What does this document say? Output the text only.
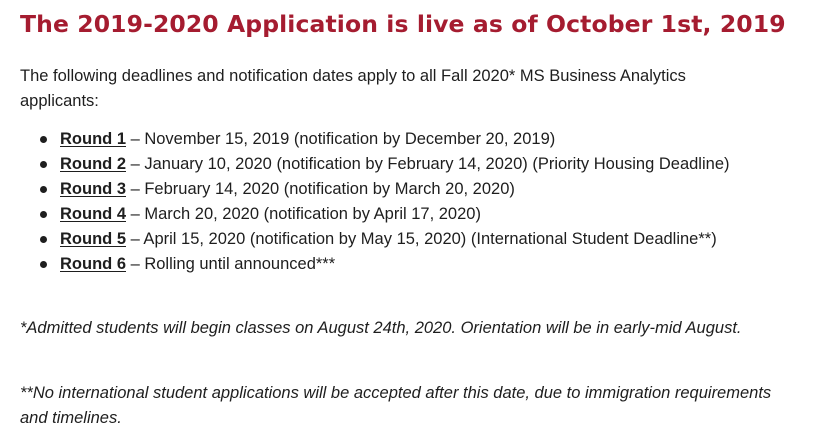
The 2019-2020 Application is live as of October 1st, 2019

The following deadlines and notification dates apply to all Fall 2020* MS Business Analytics applicants:

Round 1 – November 15, 2019 (notification by December 20, 2019)
Round 2 – January 10, 2020 (notification by February 14, 2020) (Priority Housing Deadline)
Round 3 – February 14, 2020 (notification by March 20, 2020)
Round 4 – March 20, 2020 (notification by April 17, 2020)
Round 5 – April 15, 2020 (notification by May 15, 2020) (International Student Deadline**)
Round 6 – Rolling until announced***

*Admitted students will begin classes on August 24th, 2020. Orientation will be in early-mid August.

**No international student applications will be accepted after this date, due to immigration requirements and timelines.
